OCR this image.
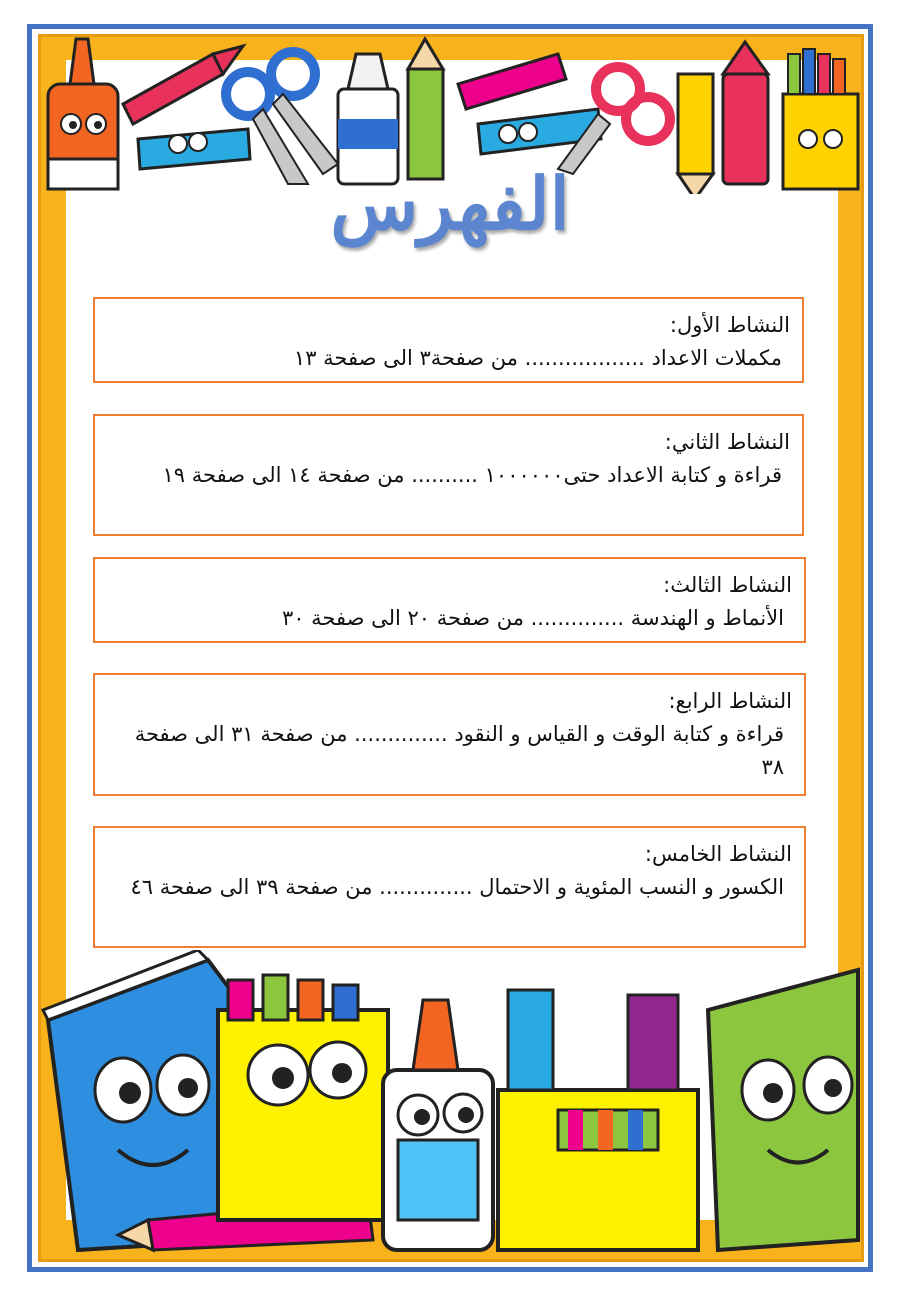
الفهرس
النشاط الأول:
مكملات الاعداد .................. من صفحة٣ الى صفحة ١٣
النشاط الثاني:
قراءة و كتابة الاعداد حتى١٠٠٠٠٠٠ .......... من صفحة ١٤ الى صفحة ١٩
النشاط الثالث:
الأنماط و الهندسة .............. من صفحة ٢٠ الى صفحة ٣٠
النشاط الرابع:
قراءة و كتابة الوقت و القياس و النقود .............. من صفحة ٣١ الى صفحة ٣٨
النشاط الخامس:
الكسور و النسب المئوية و الاحتمال .............. من صفحة ٣٩ الى صفحة ٤٦
